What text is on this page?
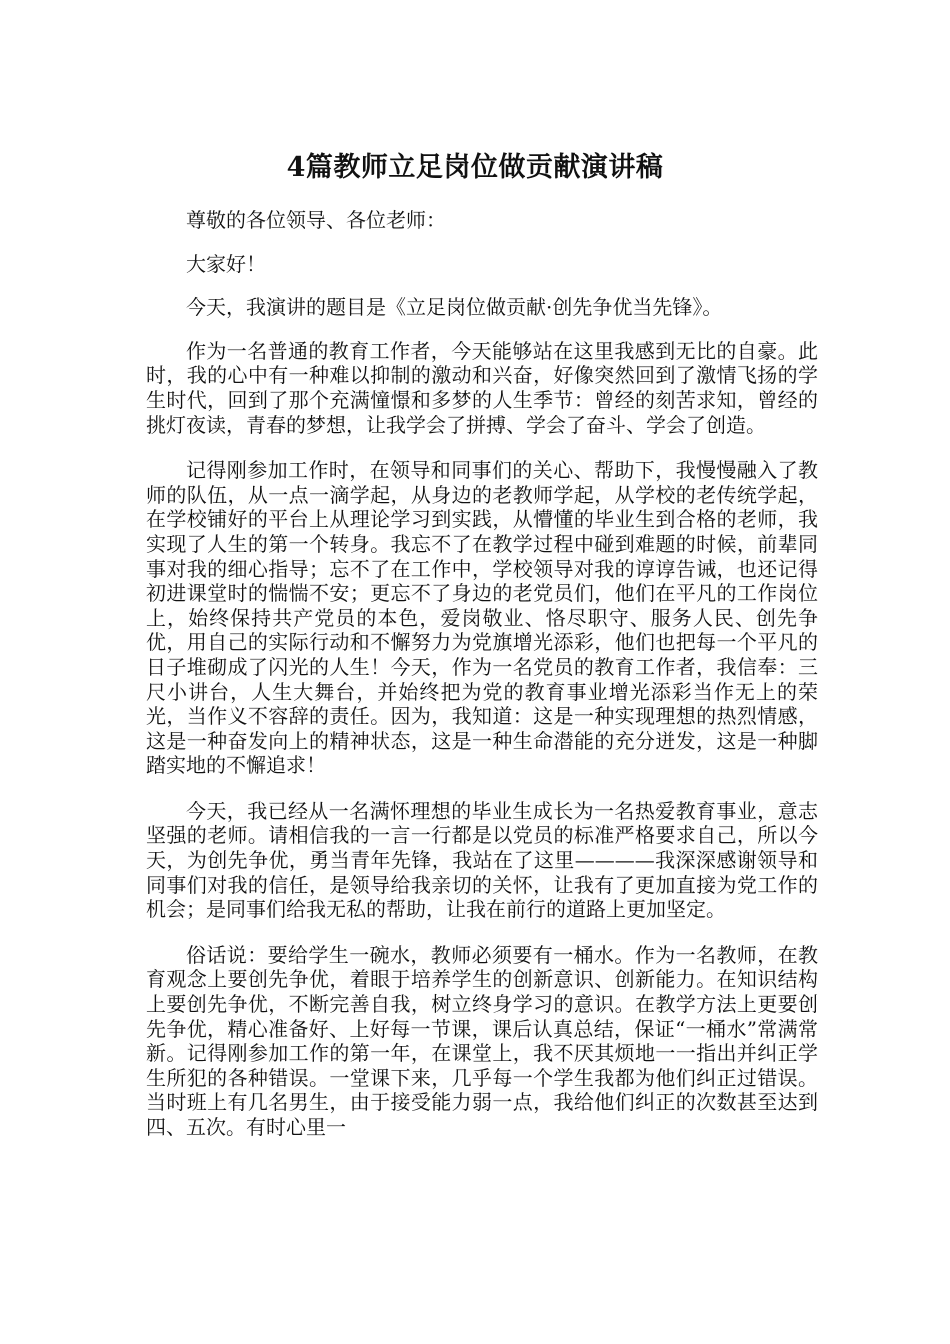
4篇教师立足岗位做贡献演讲稿

尊敬的各位领导、各位老师：

大家好！

今天，我演讲的题目是《立足岗位做贡献·创先争优当先锋》。

作为一名普通的教育工作者，今天能够站在这里我感到无比的自豪。此时，我的心中有一种难以抑制的激动和兴奋，好像突然回到了激情飞扬的学生时代，回到了那个充满憧憬和多梦的人生季节：曾经的刻苦求知，曾经的挑灯夜读，青春的梦想，让我学会了拼搏、学会了奋斗、学会了创造。

记得刚参加工作时，在领导和同事们的关心、帮助下，我慢慢融入了教师的队伍，从一点一滴学起，从身边的老教师学起，从学校的老传统学起，在学校铺好的平台上从理论学习到实践，从懵懂的毕业生到合格的老师，我实现了人生的第一个转身。我忘不了在教学过程中碰到难题的时候，前辈同事对我的细心指导；忘不了在工作中，学校领导对我的谆谆告诫，也还记得初进课堂时的惴惴不安；更忘不了身边的老党员们，他们在平凡的工作岗位上，始终保持共产党员的本色，爱岗敬业、恪尽职守、服务人民、创先争优，用自己的实际行动和不懈努力为党旗增光添彩，他们也把每一个平凡的日子堆砌成了闪光的人生！今天，作为一名党员的教育工作者，我信奉：三尺小讲台，人生大舞台，并始终把为党的教育事业增光添彩当作无上的荣光，当作义不容辞的责任。因为，我知道：这是一种实现理想的热烈情感，这是一种奋发向上的精神状态，这是一种生命潜能的充分迸发，这是一种脚踏实地的不懈追求！

今天，我已经从一名满怀理想的毕业生成长为一名热爱教育事业，意志坚强的老师。请相信我的一言一行都是以党员的标准严格要求自己，所以今天，为创先争优，勇当青年先锋，我站在了这里————我深深感谢领导和同事们对我的信任，是领导给我亲切的关怀，让我有了更加直接为党工作的机会；是同事们给我无私的帮助，让我在前行的道路上更加坚定。

俗话说：要给学生一碗水，教师必须要有一桶水。作为一名教师，在教育观念上要创先争优，着眼于培养学生的创新意识、创新能力。在知识结构上要创先争优，不断完善自我，树立终身学习的意识。在教学方法上更要创先争优，精心准备好、上好每一节课，课后认真总结，保证“一桶水”常满常新。记得刚参加工作的第一年，在课堂上，我不厌其烦地一一指出并纠正学生所犯的各种错误。一堂课下来，几乎每一个学生我都为他们纠正过错误。当时班上有几名男生，由于接受能力弱一点，我给他们纠正的次数甚至达到四、五次。有时心里一
